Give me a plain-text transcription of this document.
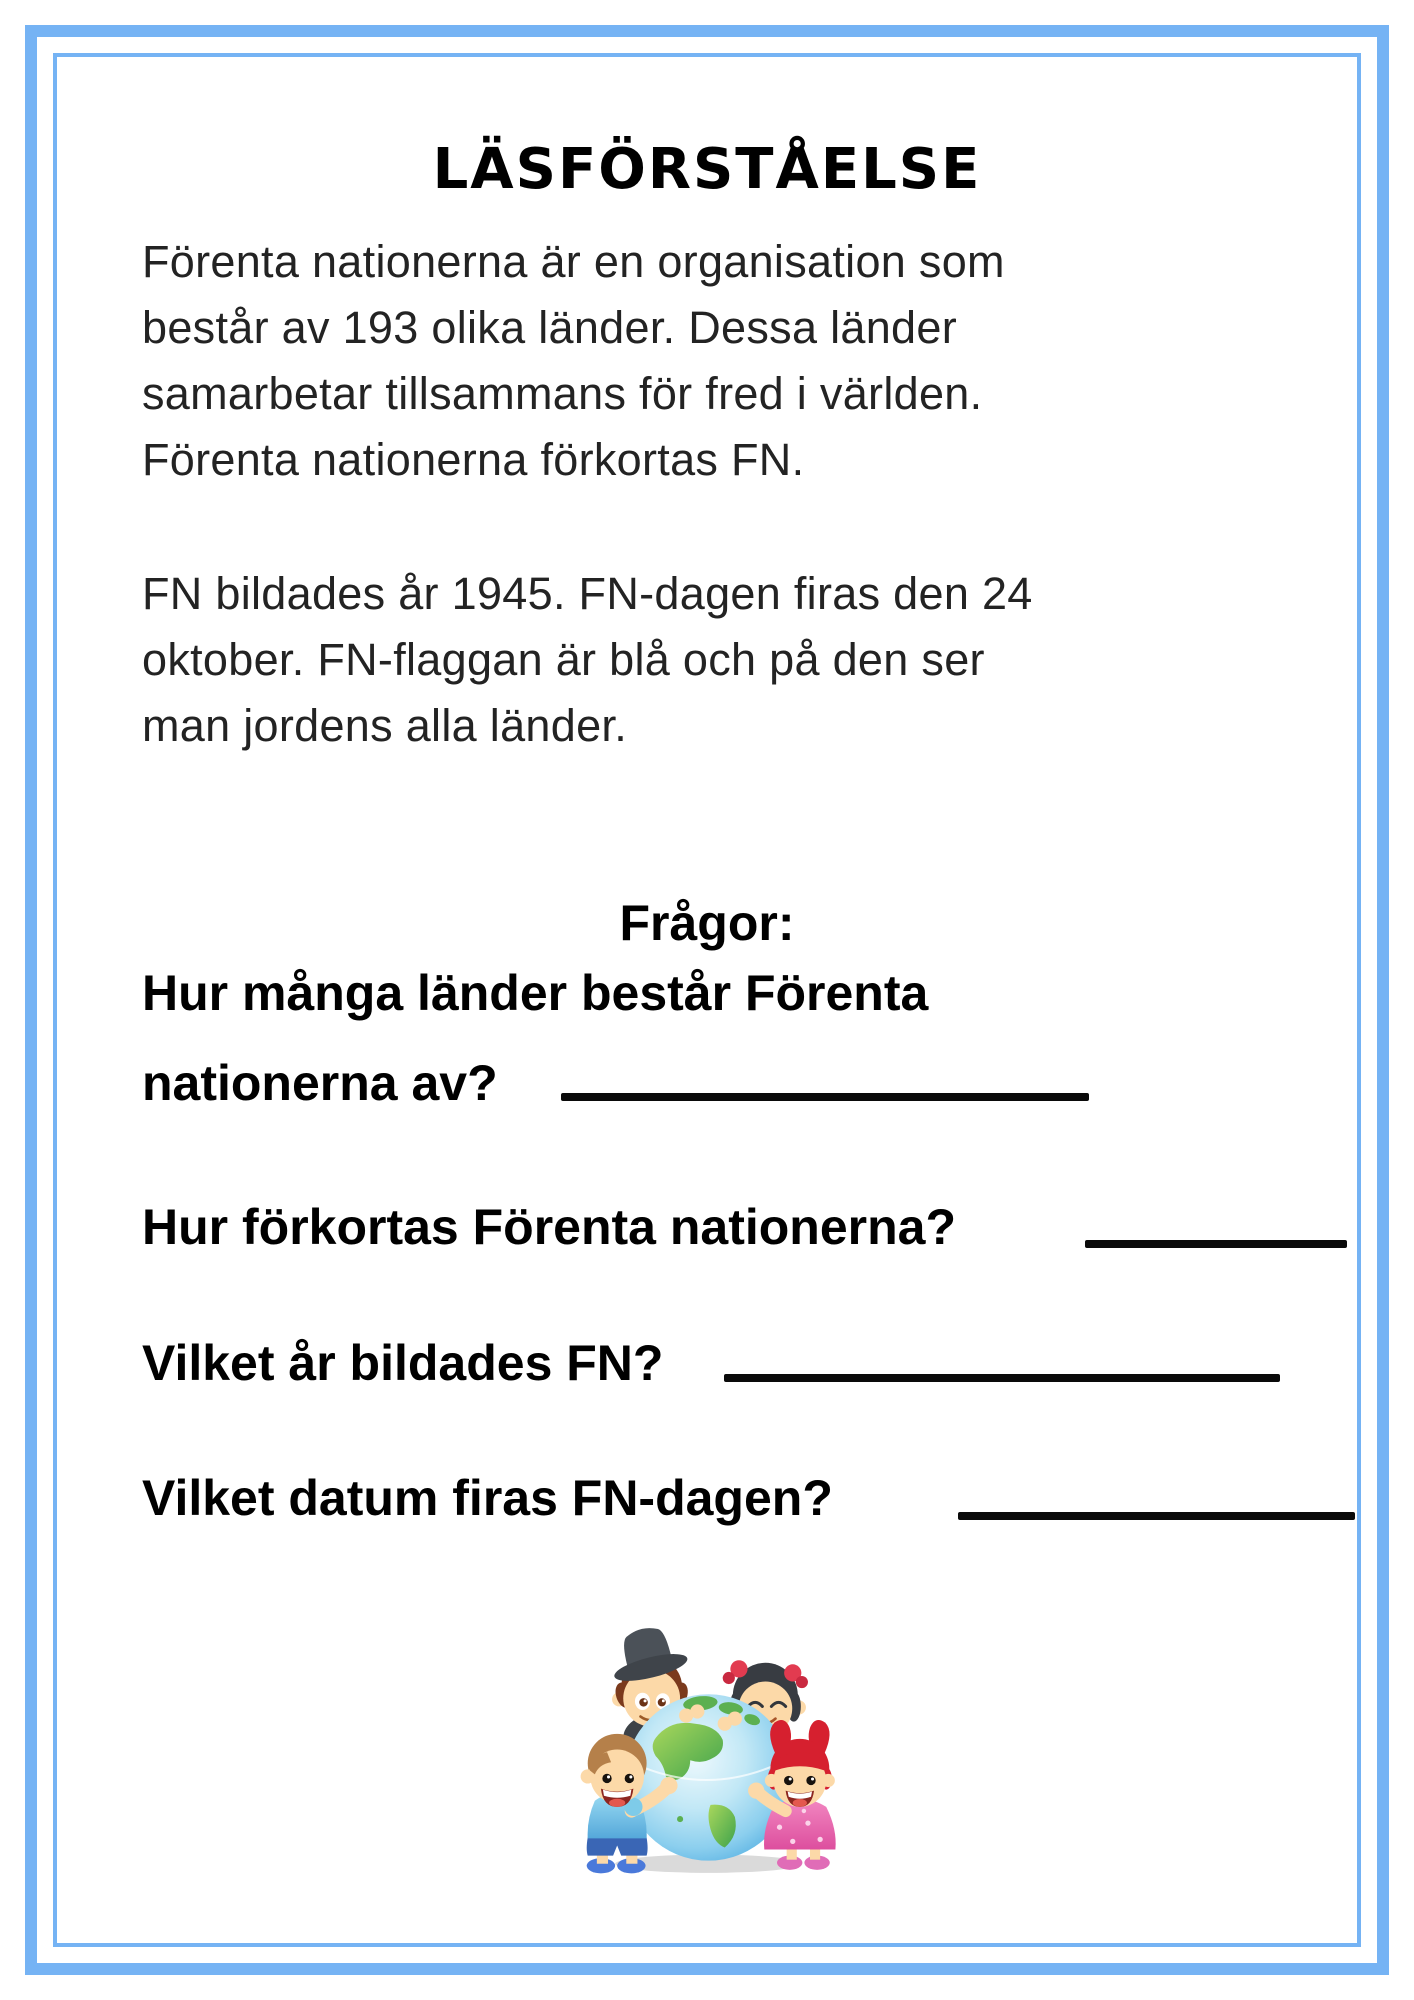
LÄSFÖRSTÅELSE
Förenta nationerna är en organisation som
består av 193 olika länder. Dessa länder
samarbetar tillsammans för fred i världen.
Förenta nationerna förkortas FN.
FN bildades år 1945. FN-dagen firas den 24
oktober. FN-flaggan är blå och på den ser
man jordens alla länder.
Frågor:
Hur många länder består Förenta
nationerna av?
Hur förkortas Förenta nationerna?
Vilket år bildades FN?
Vilket datum firas FN-dagen?
